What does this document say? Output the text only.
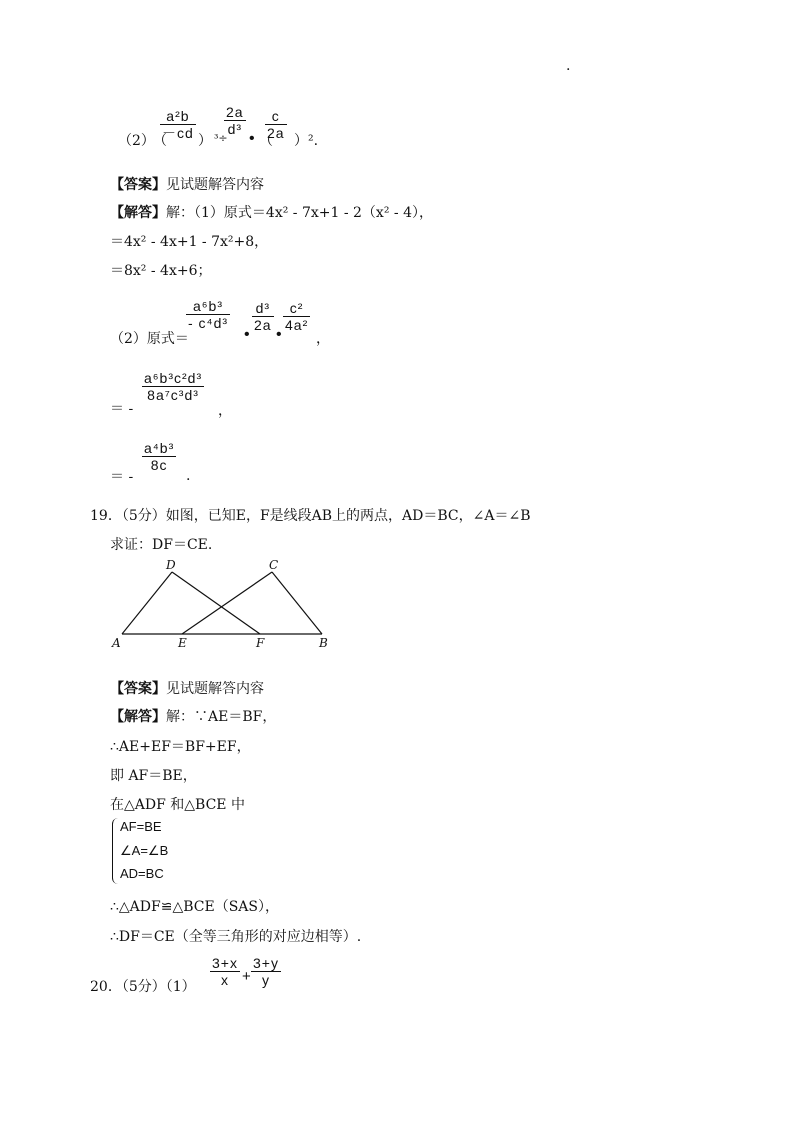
.
（2）
（
$\frac{\text{a²b}}{-cd}$ ） ³÷
$\frac{2a}{\text{d³}}$
• （
$\frac{c}{2a} )^2$.
【答案】 见试题解答内容
【解答】 解：（1）原式＝4x² - 7x+1 - 2（x² - 4），
＝4x² - 4x+1 - 7x²+8，
＝8x² - 4x+6；
（2）原式＝
$\frac{\text{a⁶b³}}{\text{- c⁴d³}}$
•
$\frac{\text{d³}}{2a}$
•
$\frac{\text{c²}}{\text{4a²}}$
，
＝ -
$\frac{\text{a⁶b³c²d³}}{\text{8a⁷c³d³}}$
，
＝ -
$\frac{\text{a⁴b³}}{8c}$
.
19．（5分）如图，已知E，F是线段AB上的两点，AD＝BC，∠A＝∠B
求证：DF＝CE.
D	C
A	E	F	B
【答案】 见试题解答内容
【解答】 解：∵AE＝BF，
∴AE+EF＝BF+EF，
即 AF＝BE，
在△ADF 和△BCE 中
AF=BE
∠A=∠B
AD=BC
∴△ADF≌△BCE（SAS），
∴DF＝CE（全等三角形的对应边相等）.
20．（5分）$(1) \frac{3+x}{x} + \frac{3+y}{y}$
